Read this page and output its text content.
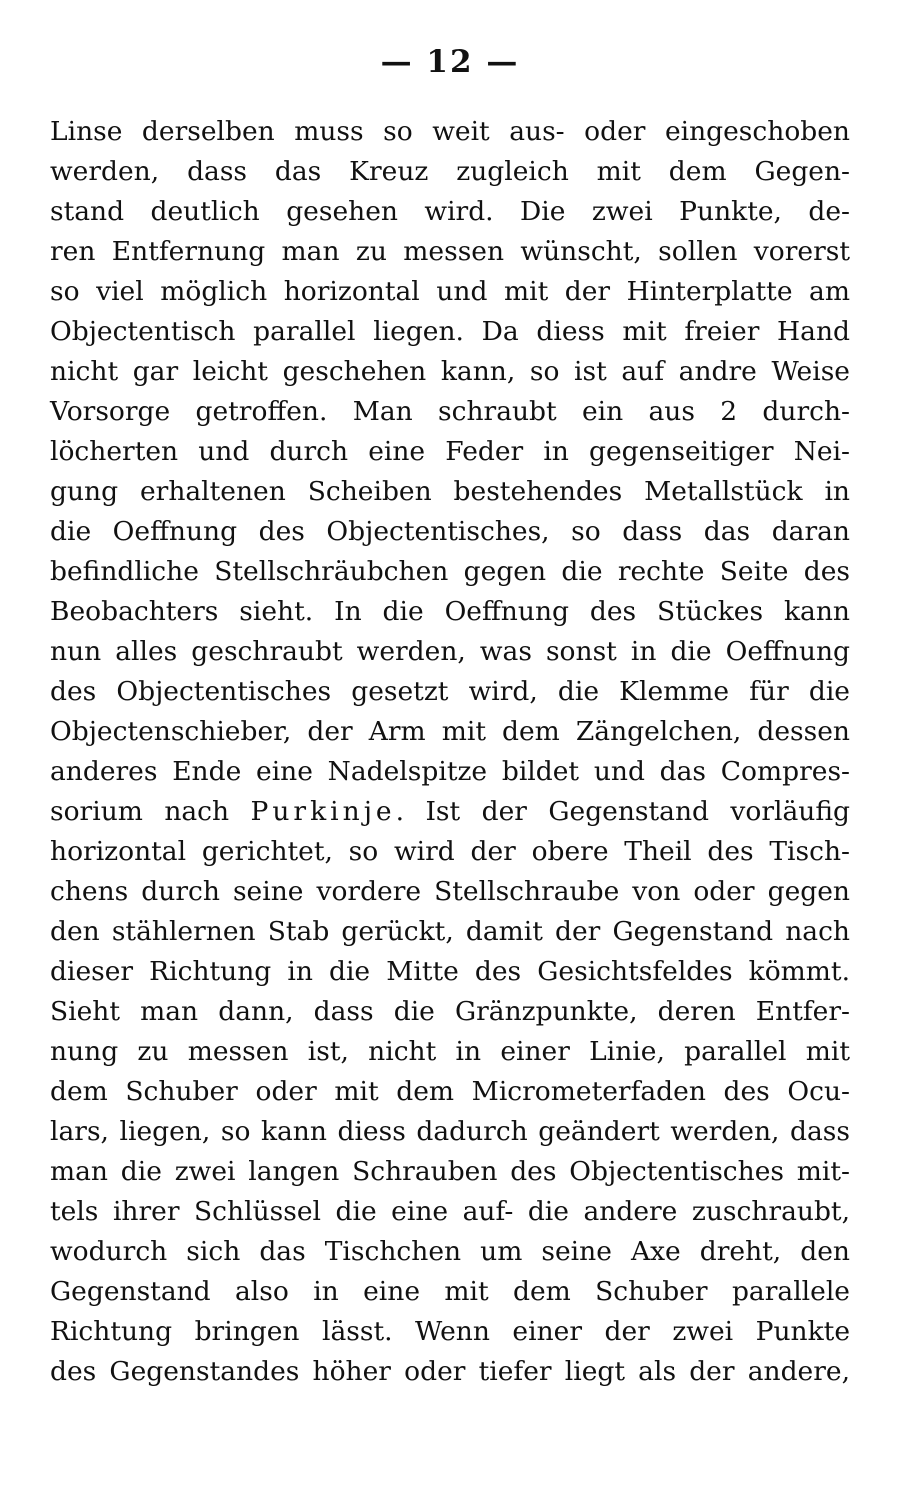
— 12 —
Linse derselben muss so weit aus- oder eingeschoben
werden, dass das Kreuz zugleich mit dem Gegen-
stand deutlich gesehen wird. Die zwei Punkte, de-
ren Entfernung man zu messen wünscht, sollen vorerst
so viel möglich horizontal und mit der Hinterplatte am
Objectentisch parallel liegen. Da diess mit freier Hand
nicht gar leicht geschehen kann, so ist auf andre Weise
Vorsorge getroffen. Man schraubt ein aus 2 durch-
löcherten und durch eine Feder in gegenseitiger Nei-
gung erhaltenen Scheiben bestehendes Metallstück in
die Oeffnung des Objectentisches, so dass das daran
befindliche Stellschräubchen gegen die rechte Seite des
Beobachters sieht. In die Oeffnung des Stückes kann
nun alles geschraubt werden, was sonst in die Oeffnung
des Objectentisches gesetzt wird, die Klemme für die
Objectenschieber, der Arm mit dem Zängelchen, dessen
anderes Ende eine Nadelspitze bildet und das Compres-
sorium nach Purkinje. Ist der Gegenstand vorläufig
horizontal gerichtet, so wird der obere Theil des Tisch-
chens durch seine vordere Stellschraube von oder gegen
den stählernen Stab gerückt, damit der Gegenstand nach
dieser Richtung in die Mitte des Gesichtsfeldes kömmt.
Sieht man dann, dass die Gränzpunkte, deren Entfer-
nung zu messen ist, nicht in einer Linie, parallel mit
dem Schuber oder mit dem Micrometerfaden des Ocu-
lars, liegen, so kann diess dadurch geändert werden, dass
man die zwei langen Schrauben des Objectentisches mit-
tels ihrer Schlüssel die eine auf- die andere zuschraubt,
wodurch sich das Tischchen um seine Axe dreht, den
Gegenstand also in eine mit dem Schuber parallele
Richtung bringen lässt. Wenn einer der zwei Punkte
des Gegenstandes höher oder tiefer liegt als der andere,
